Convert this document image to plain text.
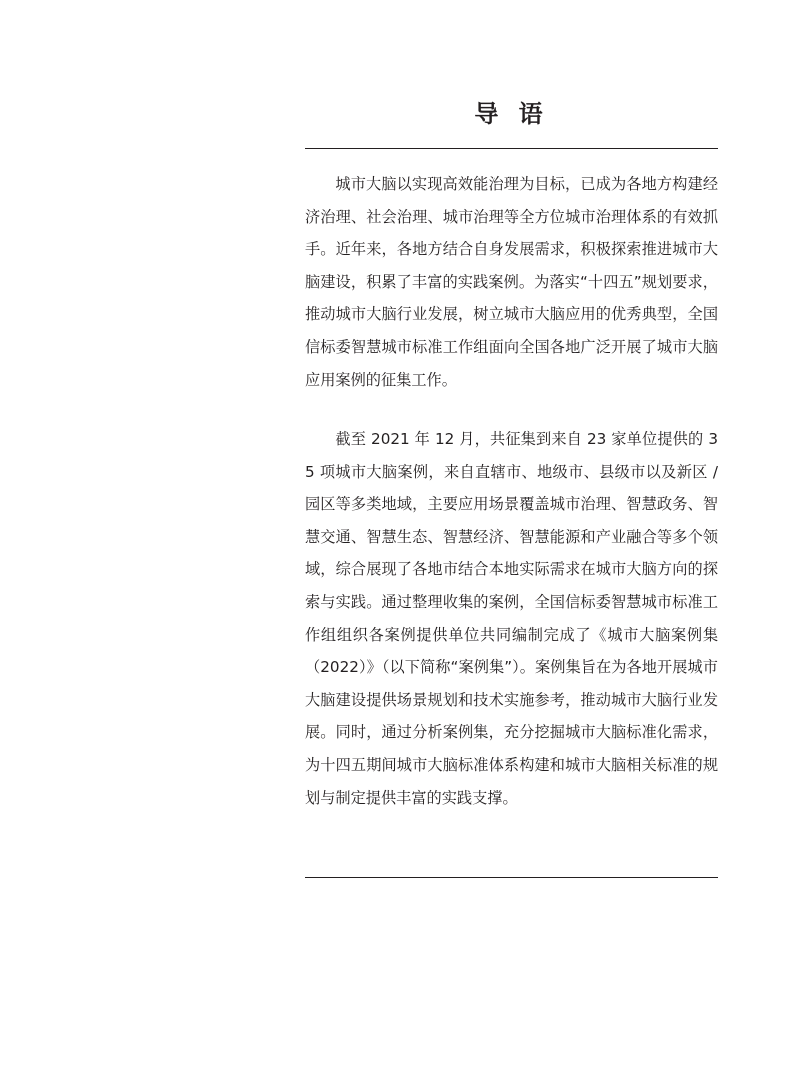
导 语

城市大脑以实现高效能治理为目标，已成为各地方构建经济治理、社会治理、城市治理等全方位城市治理体系的有效抓手。近年来，各地方结合自身发展需求，积极探索推进城市大脑建设，积累了丰富的实践案例。为落实“十四五”规划要求，推动城市大脑行业发展，树立城市大脑应用的优秀典型，全国信标委智慧城市标准工作组面向全国各地广泛开展了城市大脑应用案例的征集工作。

截至 2021 年 12 月，共征集到来自 23 家单位提供的 35 项城市大脑案例，来自直辖市、地级市、县级市以及新区 / 园区等多类地域，主要应用场景覆盖城市治理、智慧政务、智慧交通、智慧生态、智慧经济、智慧能源和产业融合等多个领域，综合展现了各地市结合本地实际需求在城市大脑方向的探索与实践。通过整理收集的案例，全国信标委智慧城市标准工作组组织各案例提供单位共同编制完成了《城市大脑案例集（2022）》（以下简称“案例集”）。案例集旨在为各地开展城市大脑建设提供场景规划和技术实施参考，推动城市大脑行业发展。同时，通过分析案例集，充分挖掘城市大脑标准化需求，为十四五期间城市大脑标准体系构建和城市大脑相关标准的规划与制定提供丰富的实践支撑。
